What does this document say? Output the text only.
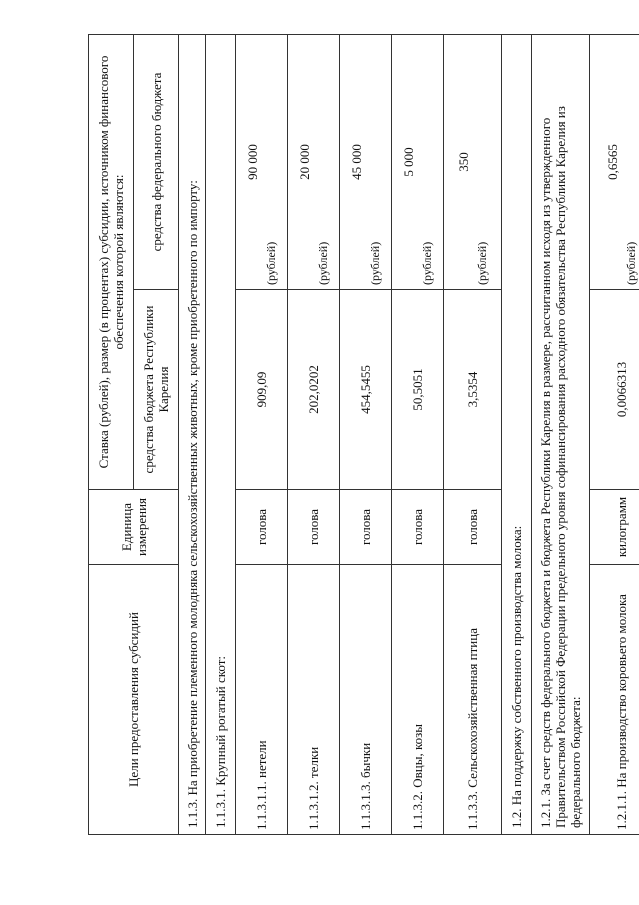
Цели предоставления субсидий	Единица измерения	Ставка (рублей), размер (в процентах) субсидии, источником финансового обеспечения которой являются:	
		средства бюджета Республики Карелия	средства федерального бюджета
1.1.3. На приобретение племенного молодняка сельскохозяйственных животных, кроме приобретенного по импорту:			
1.1.3.1. Крупный рогатый скот:			
1.1.3.1.1. нетели	голова	909,09	90 000
(рублей)

1.1.3.1.2. телки	голова	202,0202	20 000
(рублей)

1.1.3.1.3. бычки	голова	454,5455	45 000
(рублей)

1.1.3.2. Овцы, козы	голова	50,5051	5 000
(рублей)

1.1.3.3. Сельскохозяйственная птица	голова	3,5354	350
(рублей)

1.2. На поддержку собственного производства молока:			
1.2.1. За счет средств федерального бюджета и бюджета Республики Карелия в размере, рассчитанном исходя из утвержденного Правительством Российской Федерации предельного уровня софинансирования расходного обязательства Республики Карелия из федерального бюджета:			
1.2.1.1. На производство коровьего молока	килограмм	0,0066313	0,6565
(рублей)
